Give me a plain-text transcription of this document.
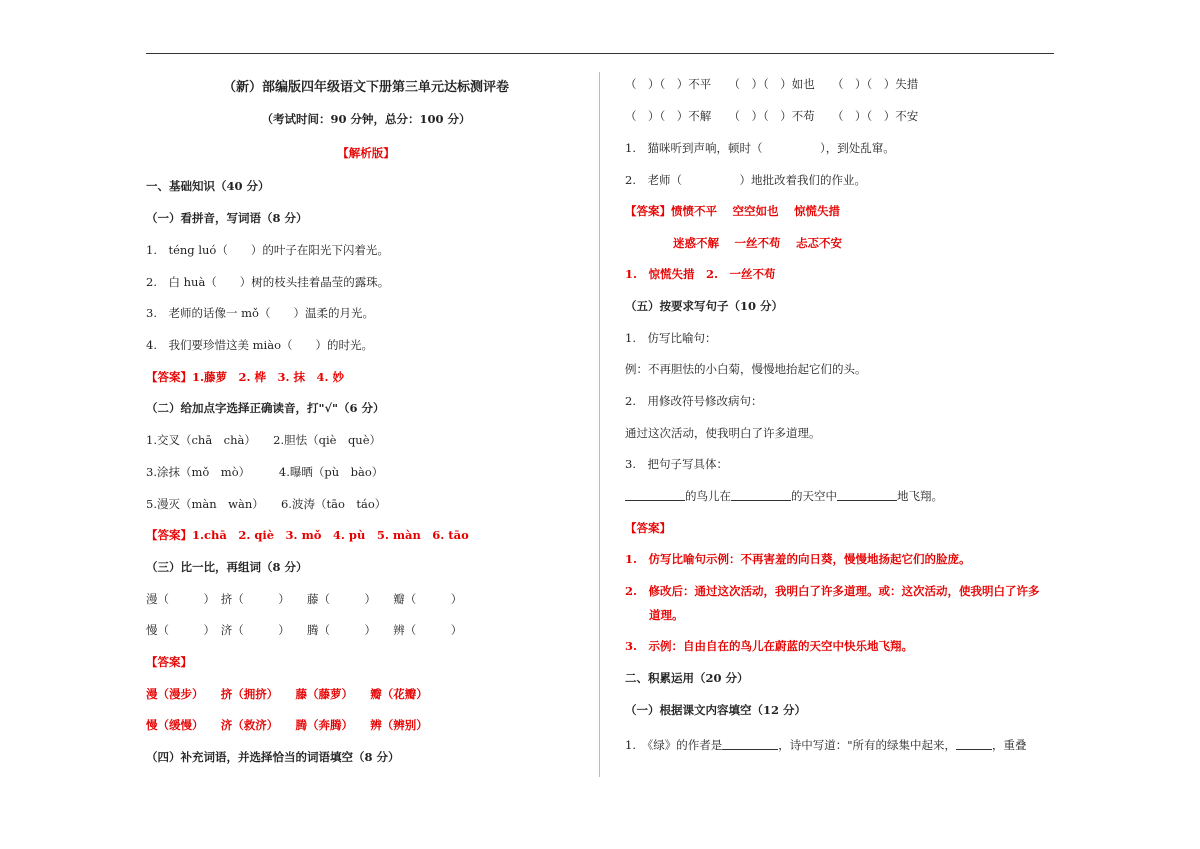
（新）部编版四年级语文下册第三单元达标测评卷
（考试时间：90 分钟，总分：100 分）
【解析版】
一、基础知识（40 分）
（一）看拼音，写词语（8 分）
1.　téng luó（　　）的叶子在阳光下闪着光。
2.　白 huà（　　）树的枝头挂着晶莹的露珠。
3.　老师的话像一 mǒ（　　）温柔的月光。
4.　我们要珍惜这美 miào（　　）的时光。
【答案】1.藤萝　2. 桦　3. 抹　4. 妙
（二）给加点字选择正确读音，打"√"（6 分）
1.交叉（chā　chà）　　2.胆怯（qiè　què）
3.涂抹（mǒ　mò）　　　4.曝晒（pù　bào）
5.漫灭（màn　wàn）　　6.波涛（tāo　táo）
【答案】1.chā　2. qiè　3. mǒ　4. pù　5. màn　6. tāo
（三）比一比，再组词（8 分）
漫（　　　）　挤（　　　）　　藤（　　　）　　瓣（　　　）
慢（　　　）　济（　　　）　　腾（　　　）　　辨（　　　）
【答案】
漫（漫步）　　挤（拥挤）　　藤（藤萝）　　瓣（花瓣）
慢（缓慢）　　济（救济）　　腾（奔腾）　　辨（辨别）
（四）补充词语，并选择恰当的词语填空（8 分）
（　）（　）不平　　（　）（　）如也　　（　）（　）失措
（　）（　）不解　　（　）（　）不苟　　（　）（　）不安
1.　猫咪听到声响，顿时（　　　　　），到处乱窜。
2.　老师（　　　　　）地批改着我们的作业。
【答案】愤愤不平　 空空如也　 惊慌失措
迷惑不解　 一丝不苟　 忐忑不安
1.　惊慌失措　2.　一丝不苟
（五）按要求写句子（10 分）
1.　仿写比喻句：
例：不再胆怯的小白菊，慢慢地抬起它们的头。
2.　用修改符号修改病句：
通过这次活动，使我明白了许多道理。
3.　把句子写具体：
的鸟儿在	的天空中	地飞翔。
【答案】
1.　仿写比喻句示例：不再害羞的向日葵，慢慢地扬起它们的脸庞。
2.　修改后：通过这次活动，我明白了许多道理。或：这次活动，使我明白了许多
道理。
3.　示例：自由自在的鸟儿在蔚蓝的天空中快乐地飞翔。
二、积累运用（20 分）
（一）根据课文内容填空（12 分）
1.　《绿》的作者是	，诗中写道："所有的绿集中起来，	，重叠
